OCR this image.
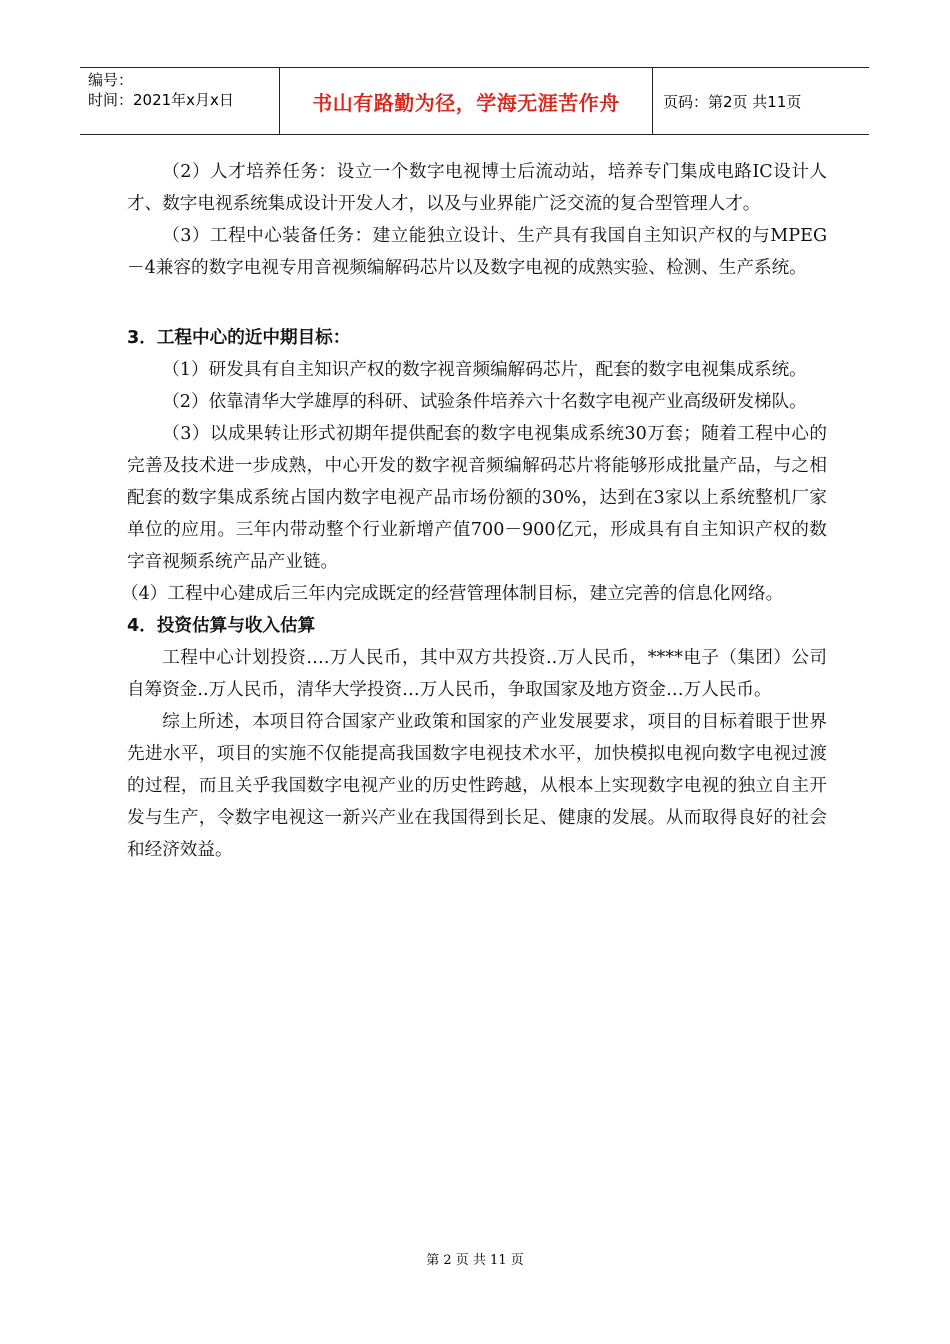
编号：
时间：2021年x月x日	书山有路勤为径，学海无涯苦作舟	页码：第2页 共11页

（2）人才培养任务：设立一个数字电视博士后流动站，培养专门集成电路IC设计人才、数字电视系统集成设计开发人才，以及与业界能广泛交流的复合型管理人才。

（3）工程中心装备任务：建立能独立设计、生产具有我国自主知识产权的与MPEG－4兼容的数字电视专用音视频编解码芯片以及数字电视的成熟实验、检测、生产系统。

3．工程中心的近中期目标：

（1）研发具有自主知识产权的数字视音频编解码芯片，配套的数字电视集成系统。

（2）依靠清华大学雄厚的科研、试验条件培养六十名数字电视产业高级研发梯队。

（3）以成果转让形式初期年提供配套的数字电视集成系统30万套；随着工程中心的完善及技术进一步成熟，中心开发的数字视音频编解码芯片将能够形成批量产品，与之相配套的数字集成系统占国内数字电视产品市场份额的30%，达到在3家以上系统整机厂家单位的应用。三年内带动整个行业新增产值700－900亿元，形成具有自主知识产权的数字音视频系统产品产业链。

（4）工程中心建成后三年内完成既定的经营管理体制目标，建立完善的信息化网络。

4．投资估算与收入估算

工程中心计划投资….万人民币，其中双方共投资..万人民币，****电子（集团）公司自筹资金..万人民币，清华大学投资…万人民币，争取国家及地方资金…万人民币。

综上所述，本项目符合国家产业政策和国家的产业发展要求，项目的目标着眼于世界先进水平，项目的实施不仅能提高我国数字电视技术水平，加快模拟电视向数字电视过渡的过程，而且关乎我国数字电视产业的历史性跨越，从根本上实现数字电视的独立自主开发与生产，令数字电视这一新兴产业在我国得到长足、健康的发展。从而取得良好的社会和经济效益。

第 2 页 共 11 页
